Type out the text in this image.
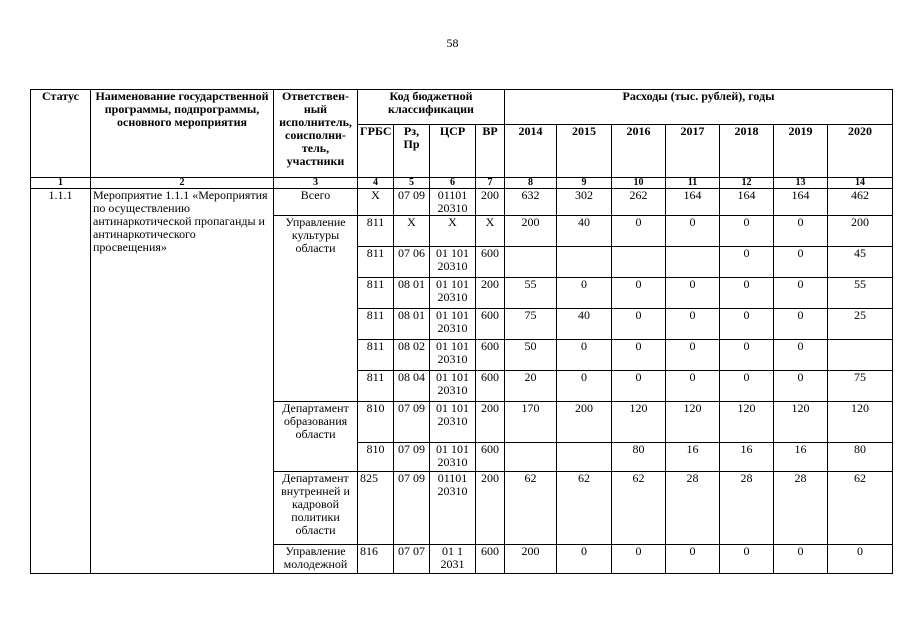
58
Статус	Наименование государственной программы, подпрограммы, основного мероприятия	Ответствен-ный исполнитель, соисполни-тель, участники	Код бюджетной классификации				Расходы (тыс. рублей), годы						
			ГРБС	Рз, Пр	ЦСР	ВР	2014	2015	2016	2017	2018	2019	2020
1	2	3	4	5	6	7	8	9	10	11	12	13	14
1.1.1	Мероприятие 1.1.1 «Мероприятия по осуществлению антинаркотической пропаганды и антинаркотического просвещения»	Всего	X	07 09	01101 20310	200	632	302	262	164	164	164	462
		Управление культуры области	811	X	X	X	200	40	0	0	0	0	200
			811	07 06	01 101 20310	600					0	0	45
			811	08 01	01 101 20310	200	55	0	0	0	0	0	55
			811	08 01	01 101 20310	600	75	40	0	0	0	0	25
			811	08 02	01 101 20310	600	50	0	0	0	0	0	
			811	08 04	01 101 20310	600	20	0	0	0	0	0	75
		Департамент образования области	810	07 09	01 101 20310	200	170	200	120	120	120	120	120
			810	07 09	01 101 20310	600			80	16	16	16	80
		Департамент внутренней и кадровой политики области	825	07 09	01101 20310	200	62	62	62	28	28	28	62
		Управление молодежной	816	07 07	01 1 2031	600	200	0	0	0	0	0	0
